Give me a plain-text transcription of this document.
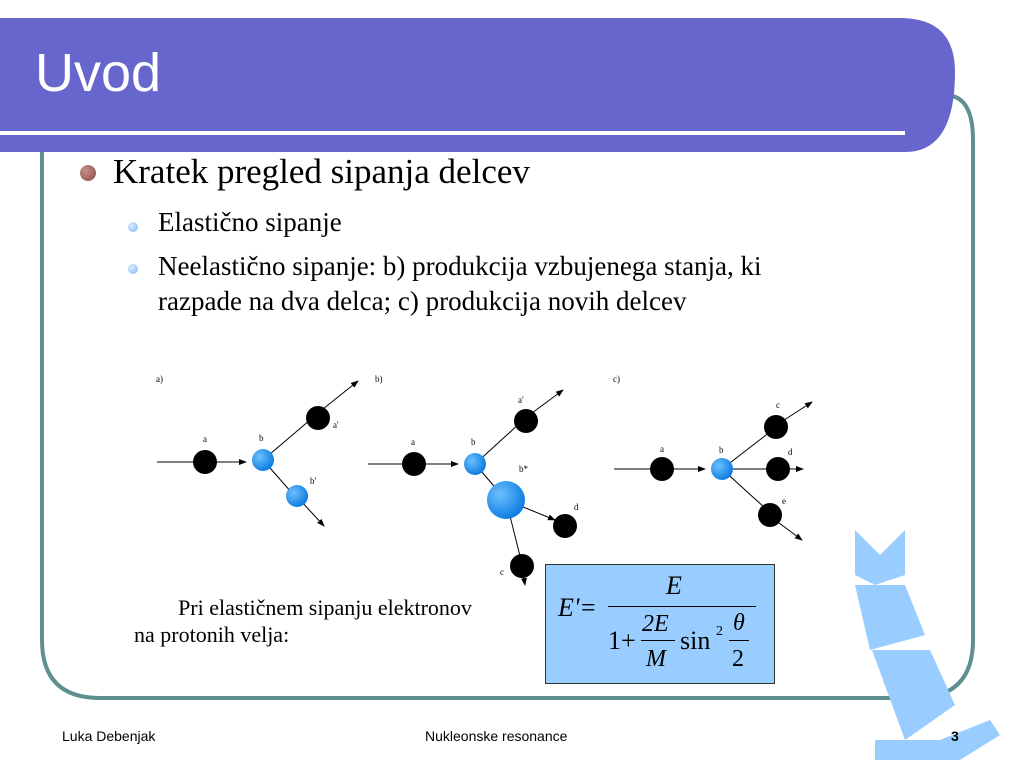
Uvod
Kratek pregled sipanja delcev
Elastično sipanje
Neelastično sipanje: b) produkcija vzbujenega stanja, ki
razpade na dva delca; c) produkcija novih delcev
a)
a	b
a'
b'
b)
a	b
a'
b*
d
c
c)
a	b
c
d
e
Pri elastičnem sipanju elektronov
na protonih velja:
E' =
E
1+
2E
M
sin 2 θ
2
Luka Debenjak	Nukleonske resonance	3
